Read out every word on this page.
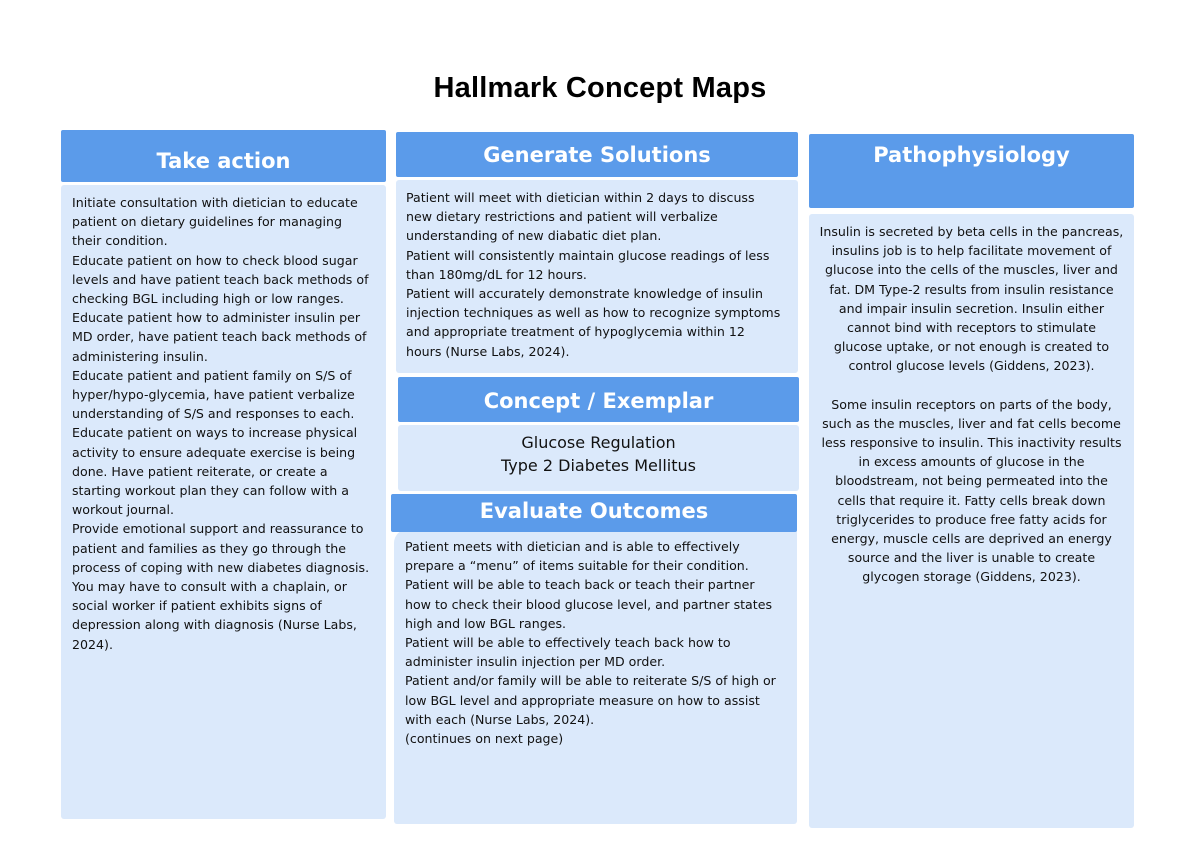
Hallmark Concept Maps
Take action
Initiate consultation with dietician to educate
patient on dietary guidelines for managing
their condition.
Educate patient on how to check blood sugar
levels and have patient teach back methods of
checking BGL including high or low ranges.
Educate patient how to administer insulin per
MD order, have patient teach back methods of
administering insulin.
Educate patient and patient family on S/S of
hyper/hypo-glycemia, have patient verbalize
understanding of S/S and responses to each.
Educate patient on ways to increase physical
activity to ensure adequate exercise is being
done. Have patient reiterate, or create a
starting workout plan they can follow with a
workout journal.
Provide emotional support and reassurance to
patient and families as they go through the
process of coping with new diabetes diagnosis.
You may have to consult with a chaplain, or
social worker if patient exhibits signs of
depression along with diagnosis (Nurse Labs,
2024).
Generate Solutions
Patient will meet with dietician within 2 days to discuss
new dietary restrictions and patient will verbalize
understanding of new diabatic diet plan.
Patient will consistently maintain glucose readings of less
than 180mg/dL for 12 hours.
Patient will accurately demonstrate knowledge of insulin
injection techniques as well as how to recognize symptoms
and appropriate treatment of hypoglycemia within 12
hours (Nurse Labs, 2024).
Concept / Exemplar
Glucose Regulation
Type 2 Diabetes Mellitus
Patient meets with dietician and is able to effectively
prepare a “menu” of items suitable for their condition.
Patient will be able to teach back or teach their partner
how to check their blood glucose level, and partner states
high and low BGL ranges.
Patient will be able to effectively teach back how to
administer insulin injection per MD order.
Patient and/or family will be able to reiterate S/S of high or
low BGL level and appropriate measure on how to assist
with each (Nurse Labs, 2024).
(continues on next page)
Evaluate Outcomes
Pathophysiology
Insulin is secreted by beta cells in the pancreas,
insulins job is to help facilitate movement of
glucose into the cells of the muscles, liver and
fat. DM Type-2 results from insulin resistance
and impair insulin secretion. Insulin either
cannot bind with receptors to stimulate
glucose uptake, or not enough is created to
control glucose levels (Giddens, 2023).
Some insulin receptors on parts of the body,
such as the muscles, liver and fat cells become
less responsive to insulin. This inactivity results
in excess amounts of glucose in the
bloodstream, not being permeated into the
cells that require it. Fatty cells break down
triglycerides to produce free fatty acids for
energy, muscle cells are deprived an energy
source and the liver is unable to create
glycogen storage (Giddens, 2023).
